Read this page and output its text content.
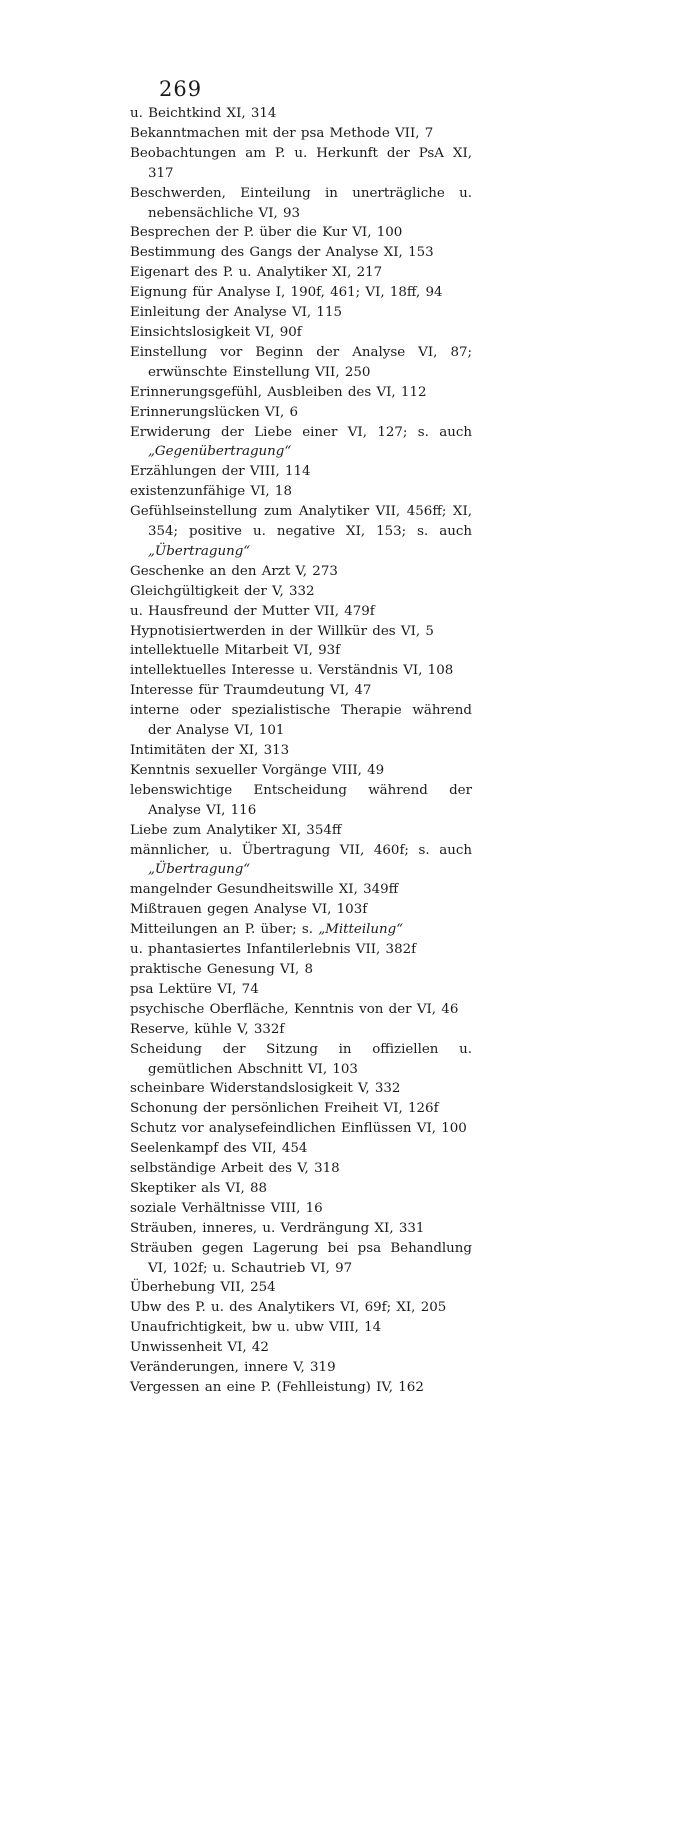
269
u. Beichtkind XI, 314
Bekanntmachen mit der psa Methode VII, 7
Beobachtungen am P. u. Herkunft der PsA XI, 317
Beschwerden, Einteilung in unerträgliche u. nebensächliche VI, 93
Besprechen der P. über die Kur VI, 100
Bestimmung des Gangs der Analyse XI, 153
Eigenart des P. u. Analytiker XI, 217
Eignung für Analyse I, 190f, 461; VI, 18ff, 94
Einleitung der Analyse VI, 115
Einsichtslosigkeit VI, 90f
Einstellung vor Beginn der Analyse VI, 87; erwünschte Einstellung VII, 250
Erinnerungsgefühl, Ausbleiben des VI, 112
Erinnerungslücken VI, 6
Erwiderung der Liebe einer VI, 127; s. auch „Gegenübertragung“
Erzählungen der VIII, 114
existenzunfähige VI, 18
Gefühlseinstellung zum Analytiker VII, 456ff; XI, 354; positive u. negative XI, 153; s. auch „Übertragung“
Geschenke an den Arzt V, 273
Gleichgültigkeit der V, 332
u. Hausfreund der Mutter VII, 479f
Hypnotisiertwerden in der Willkür des VI, 5
intellektuelle Mitarbeit VI, 93f
intellektuelles Interesse u. Verständnis VI, 108
Interesse für Traumdeutung VI, 47
interne oder spezialistische Therapie während der Analyse VI, 101
Intimitäten der XI, 313
Kenntnis sexueller Vorgänge VIII, 49
lebenswichtige Entscheidung während der Analyse VI, 116
Liebe zum Analytiker XI, 354ff
männlicher, u. Übertragung VII, 460f; s. auch „Übertragung“
mangelnder Gesundheitswille XI, 349ff
Mißtrauen gegen Analyse VI, 103f
Mitteilungen an P. über; s. „Mitteilung“
u. phantasiertes Infantilerlebnis VII, 382f
praktische Genesung VI, 8
psa Lektüre VI, 74
psychische Oberfläche, Kenntnis von der VI, 46
Reserve, kühle V, 332f
Scheidung der Sitzung in offiziellen u. gemütlichen Abschnitt VI, 103
scheinbare Widerstandslosigkeit V, 332
Schonung der persönlichen Freiheit VI, 126f
Schutz vor analysefeindlichen Einflüssen VI, 100
Seelenkampf des VII, 454
selbständige Arbeit des V, 318
Skeptiker als VI, 88
soziale Verhältnisse VIII, 16
Sträuben, inneres, u. Verdrängung XI, 331
Sträuben gegen Lagerung bei psa Behandlung VI, 102f; u. Schautrieb VI, 97
Überhebung VII, 254
Ubw des P. u. des Analytikers VI, 69f; XI, 205
Unaufrichtigkeit, bw u. ubw VIII, 14
Unwissenheit VI, 42
Veränderungen, innere V, 319
Vergessen an eine P. (Fehlleistung) IV, 162
